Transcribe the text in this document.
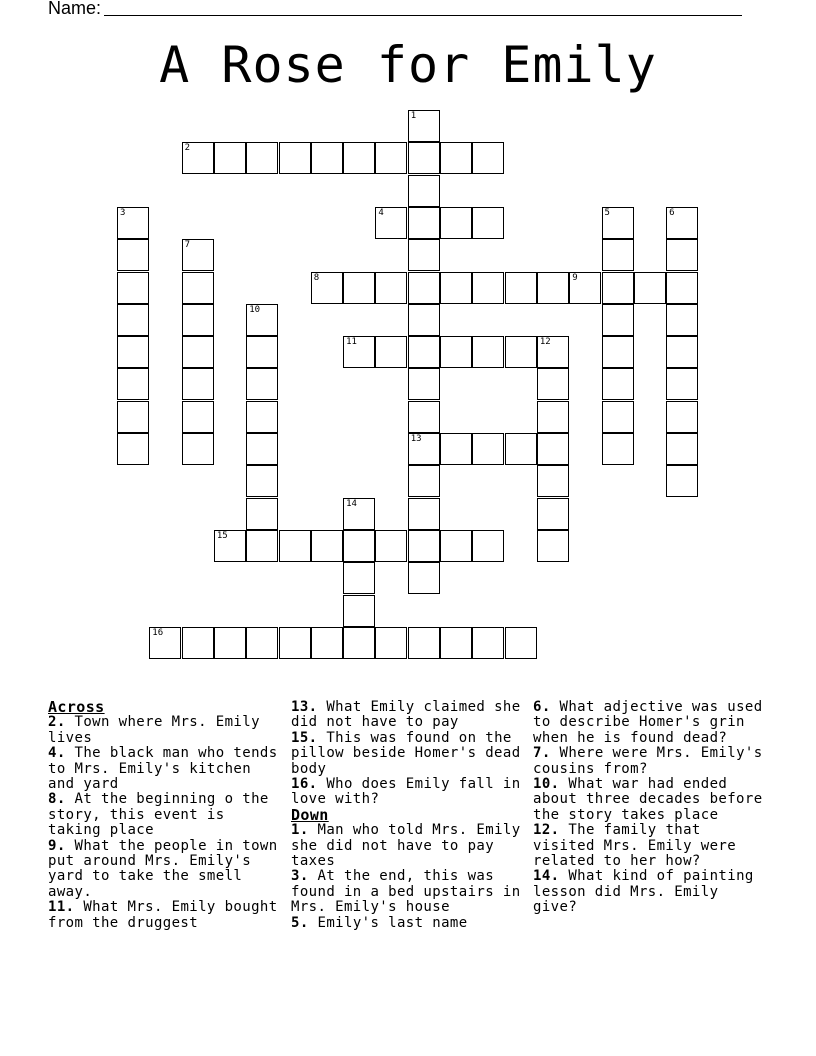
Name:
A Rose for Emily
1
2
3	4	5	6
7
8	9
10
11	12
13
14
15
16
Across
2. Town where Mrs. Emily lives
4. The black man who tends to Mrs. Emily's kitchen and yard
8. At the beginning o the story, this event is taking place
9. What the people in town put around Mrs. Emily's yard to take the smell away.
11. What Mrs. Emily bought from the druggest
13. What Emily claimed she did not have to pay
15. This was found on the pillow beside Homer's dead body
16. Who does Emily fall in love with?
Down
1. Man who told Mrs. Emily she did not have to pay taxes
3. At the end, this was found in a bed upstairs in Mrs. Emily's house
5. Emily's last name
6. What adjective was used to describe Homer's grin when he is found dead?
7. Where were Mrs. Emily's cousins from?
10. What war had ended about three decades before the story takes place
12. The family that visited Mrs. Emily were related to her how?
14. What kind of painting lesson did Mrs. Emily give?
